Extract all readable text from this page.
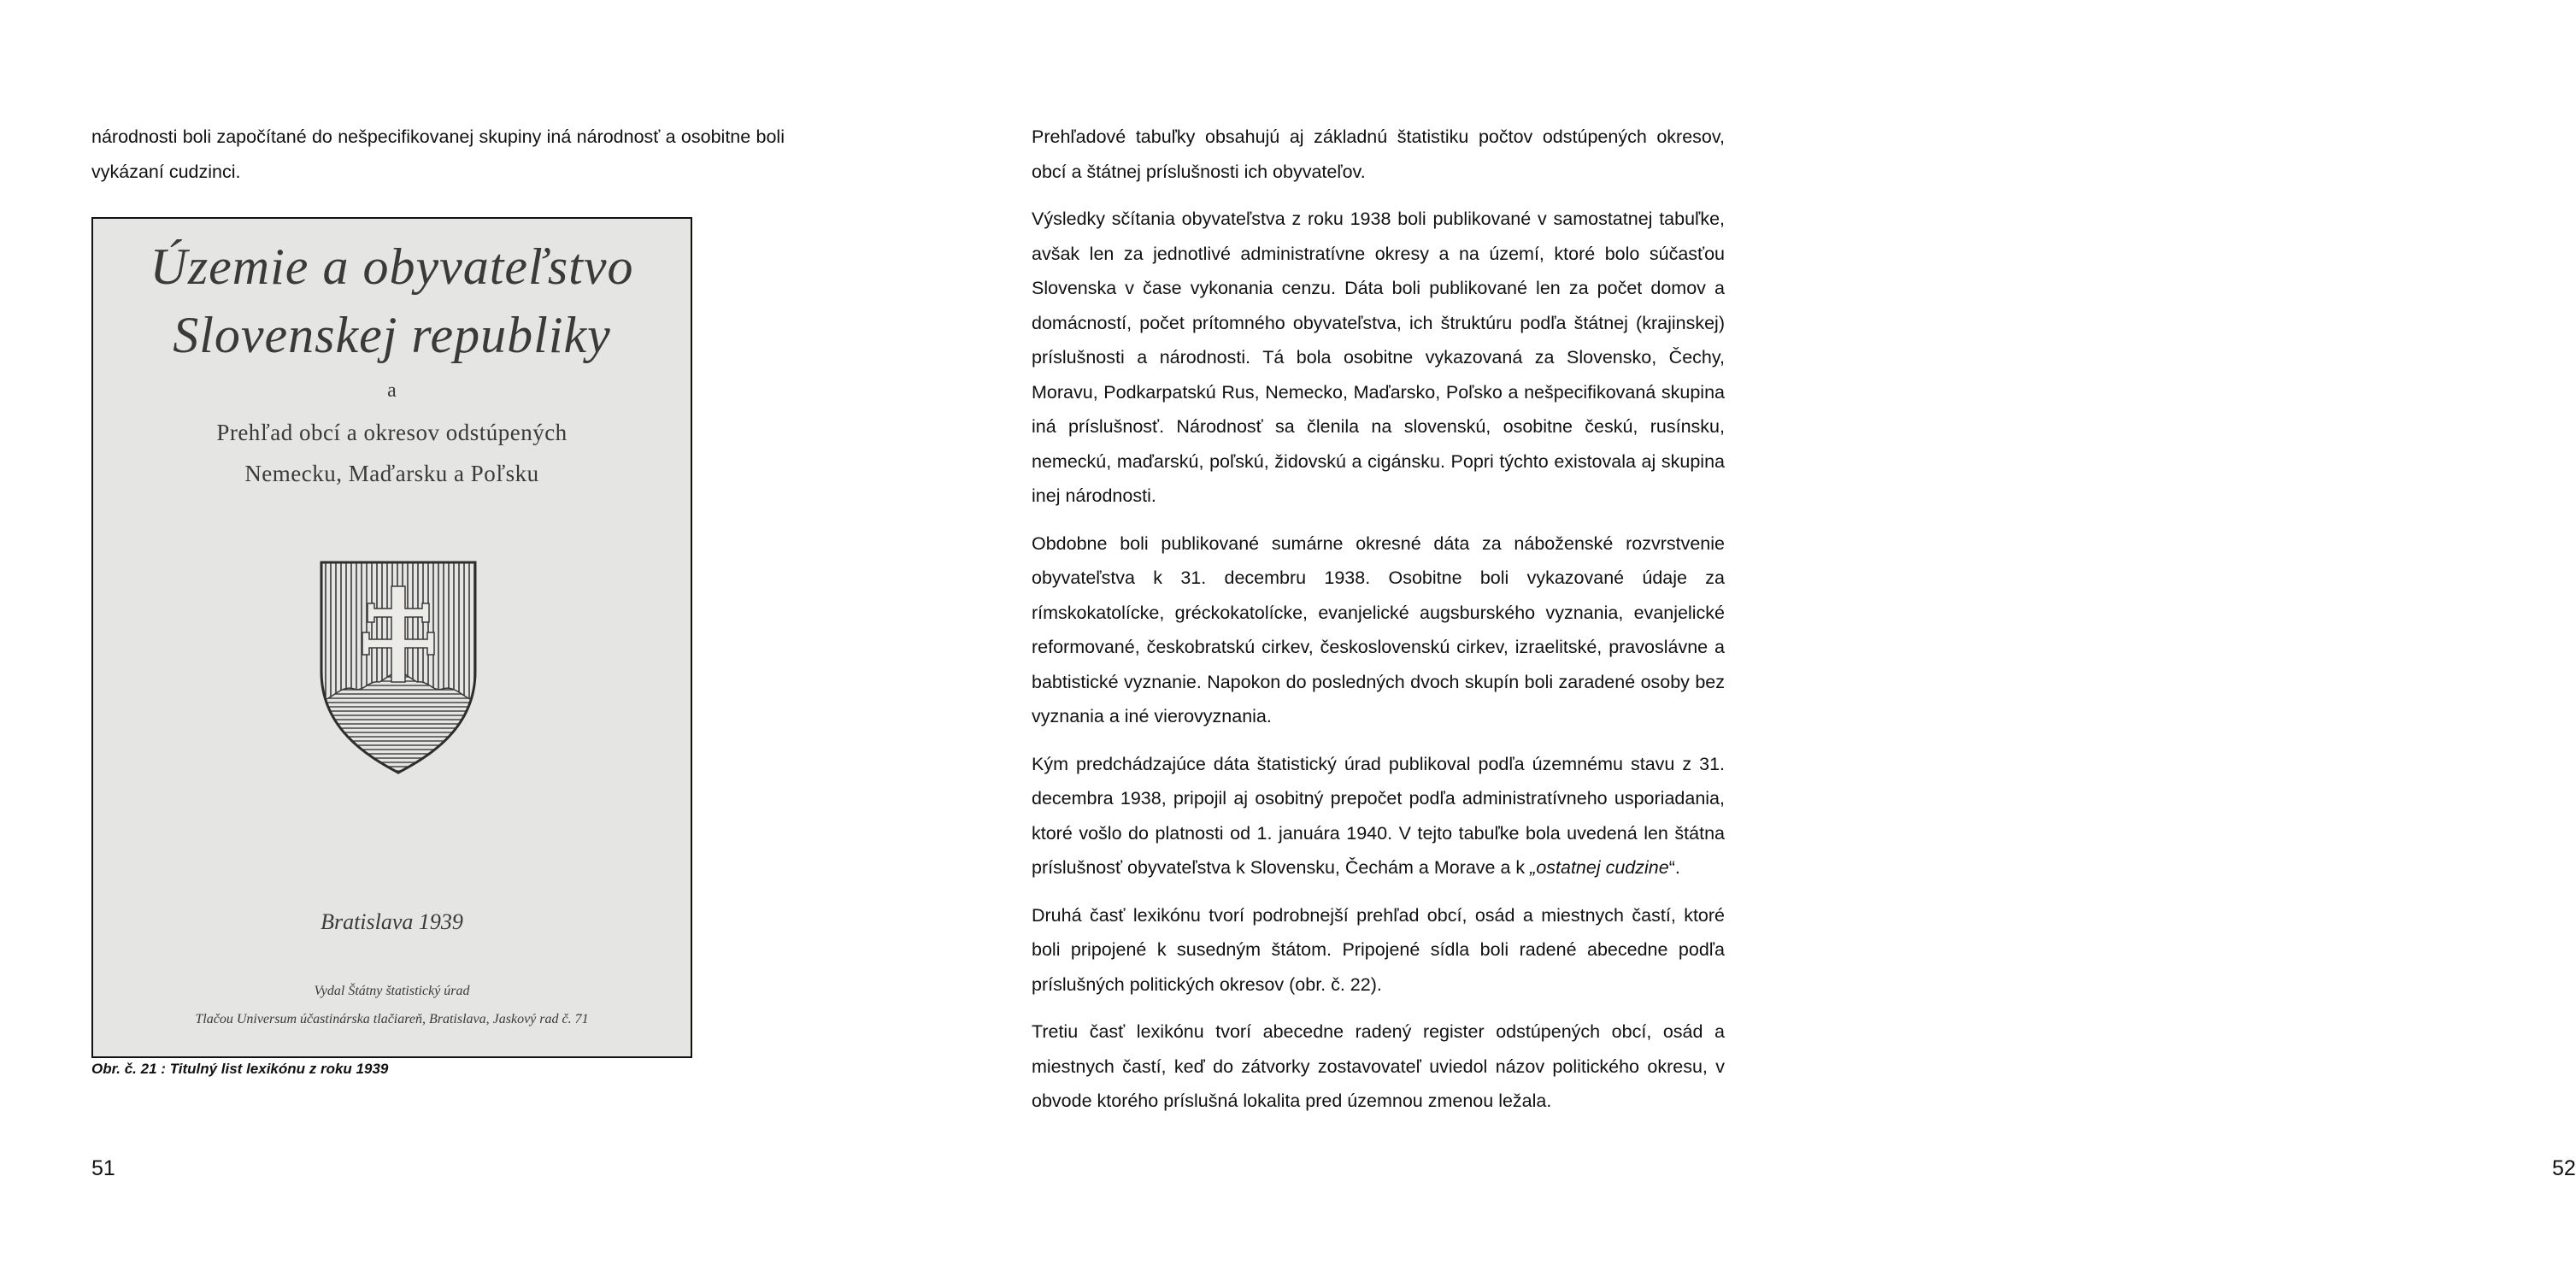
národnosti boli započítané do nešpecifikovanej skupiny iná národnosť a osobitne boli vykázaní cudzinci.

Územie a obyvateľstvo
Slovenskej republiky
a
Prehľad obcí a okresov odstúpených
Nemecku, Maďarsku a Poľsku
Bratislava 1939
Vydal Štátny štatistický úrad
Tlačou Universum účastinárska tlačiareň, Bratislava, Jaskový rad č. 71
Obr. č. 21 : Titulný list lexikónu z roku 1939
51

Prehľadové tabuľky obsahujú aj základnú štatistiku počtov odstúpených okresov, obcí a štátnej príslušnosti ich obyvateľov.

Výsledky sčítania obyvateľstva z roku 1938 boli publikované v samostatnej tabuľke, avšak len za jednotlivé administratívne okresy a na území, ktoré bolo súčasťou Slovenska v čase vykonania cenzu. Dáta boli publikované len za počet domov a domácností, počet prítomného obyvateľstva, ich štruktúru podľa štátnej (krajinskej) príslušnosti a národnosti. Tá bola osobitne vykazovaná za Slovensko, Čechy, Moravu, Podkarpatskú Rus, Nemecko, Maďarsko, Poľsko a nešpecifikovaná skupina iná príslušnosť. Národnosť sa členila na slovenskú, osobitne českú, rusínsku, nemeckú, maďarskú, poľskú, židovskú a cigánsku. Popri týchto existovala aj skupina inej národnosti.

Obdobne boli publikované sumárne okresné dáta za náboženské rozvrstvenie obyvateľstva k 31. decembru 1938. Osobitne boli vykazované údaje za rímskokatolícke, gréckokatolícke, evanjelické augsburského vyznania, evanjelické reformované, českobratskú cirkev, československú cirkev, izraelitské, pravoslávne a babtistické vyznanie. Napokon do posledných dvoch skupín boli zaradené osoby bez vyznania a iné vierovyznania.

Kým predchádzajúce dáta štatistický úrad publikoval podľa územnému stavu z 31. decembra 1938, pripojil aj osobitný prepočet podľa administratívneho usporiadania, ktoré vošlo do platnosti od 1. januára 1940. V tejto tabuľke bola uvedená len štátna príslušnosť obyvateľstva k Slovensku, Čechám a Morave a k „ostatnej cudzine“.

Druhá časť lexikónu tvorí podrobnejší prehľad obcí, osád a miestnych častí, ktoré boli pripojené k susedným štátom. Pripojené sídla boli radené abecedne podľa príslušných politických okresov (obr. č. 22).

Tretiu časť lexikónu tvorí abecedne radený register odstúpených obcí, osád a miestnych častí, keď do zátvorky zostavovateľ uviedol názov politického okresu, v obvode ktorého príslušná lokalita pred územnou zmenou ležala.

52
